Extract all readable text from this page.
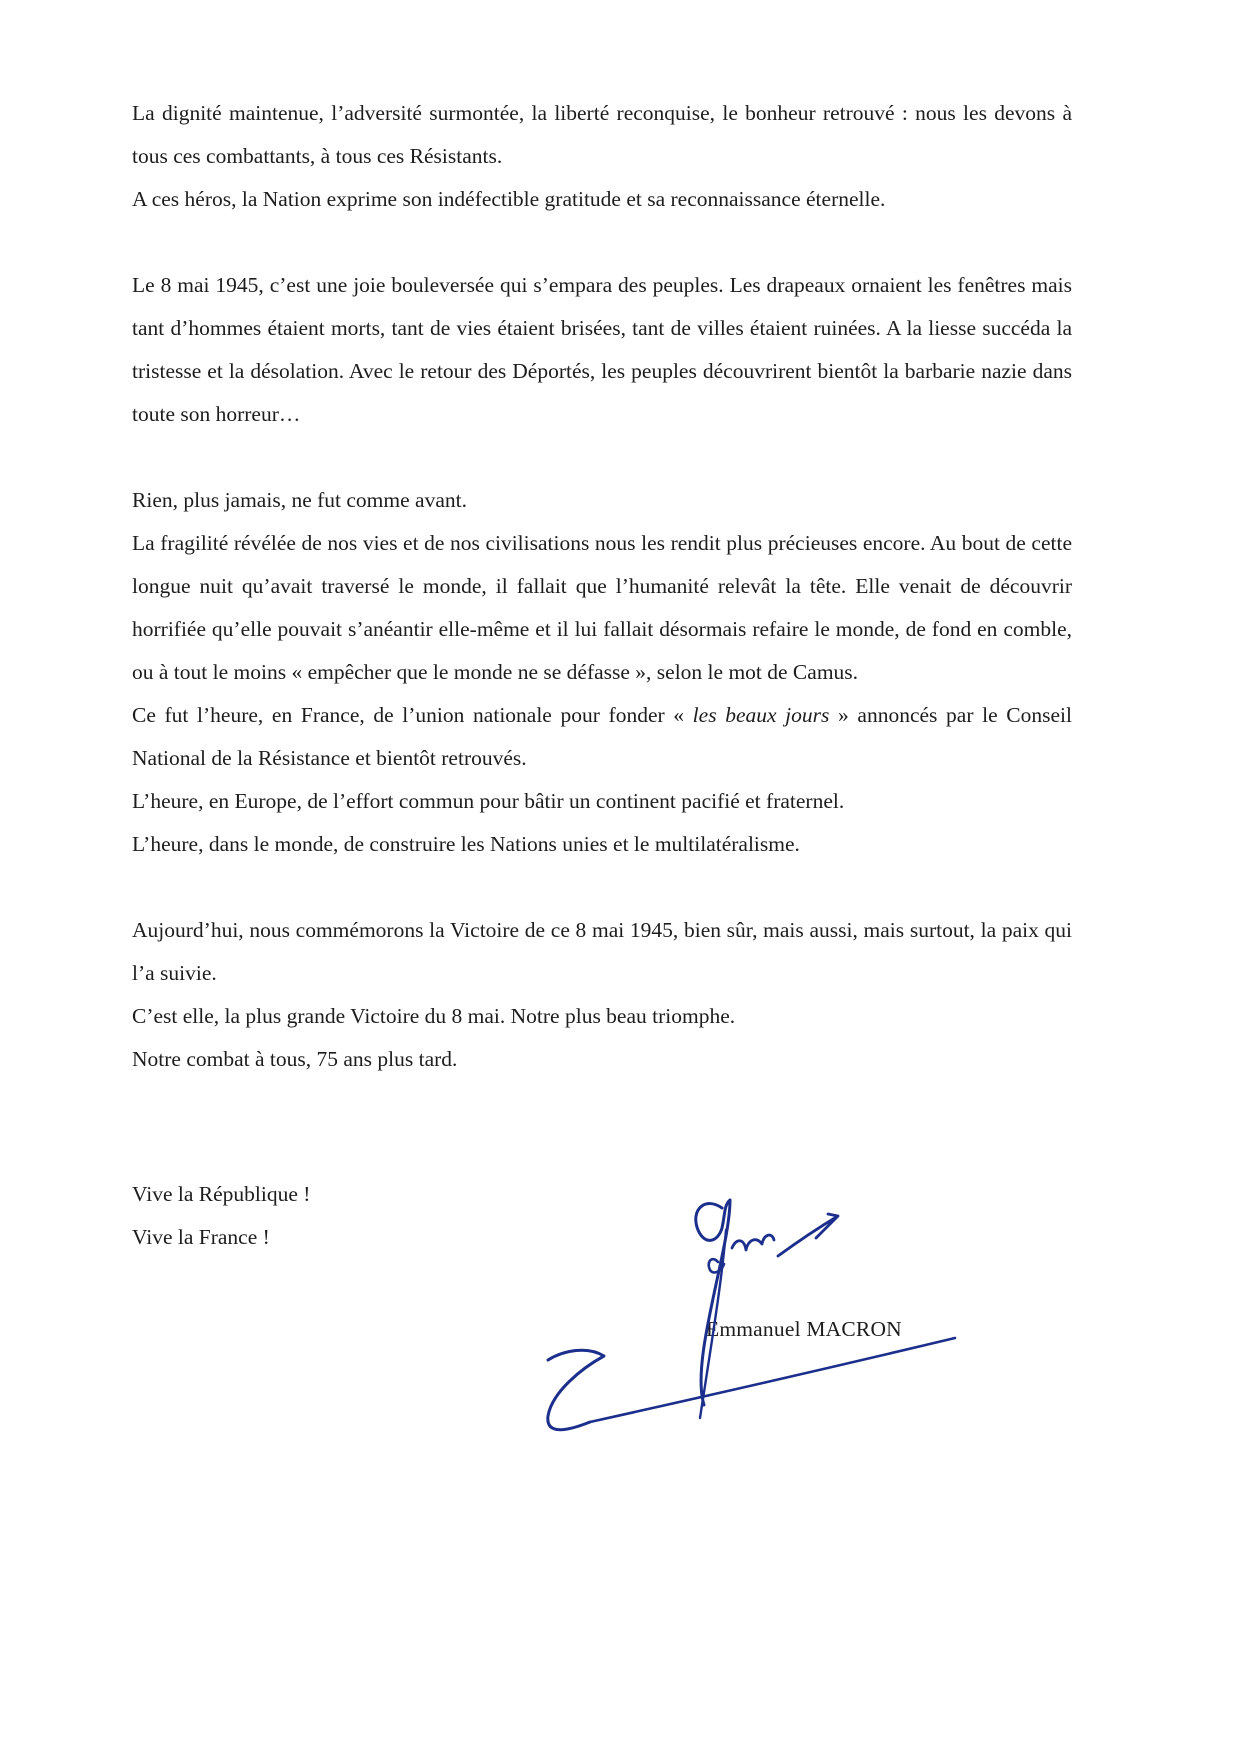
La dignité maintenue, l’adversité surmontée, la liberté reconquise, le bonheur retrouvé : nous les devons à tous ces combattants, à tous ces Résistants.

A ces héros, la Nation exprime son indéfectible gratitude et sa reconnaissance éternelle.

Le 8 mai 1945, c’est une joie bouleversée qui s’empara des peuples. Les drapeaux ornaient les fenêtres mais tant d’hommes étaient morts, tant de vies étaient brisées, tant de villes étaient ruinées. A la liesse succéda la tristesse et la désolation. Avec le retour des Déportés, les peuples découvrirent bientôt la barbarie nazie dans toute son horreur…

Rien, plus jamais, ne fut comme avant.

La fragilité révélée de nos vies et de nos civilisations nous les rendit plus précieuses encore. Au bout de cette longue nuit qu’avait traversé le monde, il fallait que l’humanité relevât la tête. Elle venait de découvrir horrifiée qu’elle pouvait s’anéantir elle-même et il lui fallait désormais refaire le monde, de fond en comble, ou à tout le moins « empêcher que le monde ne se défasse », selon le mot de Camus.

Ce fut l’heure, en France, de l’union nationale pour fonder « les beaux jours » annoncés par le Conseil National de la Résistance et bientôt retrouvés.

L’heure, en Europe, de l’effort commun pour bâtir un continent pacifié et fraternel.

L’heure, dans le monde, de construire les Nations unies et le multilatéralisme.

Aujourd’hui, nous commémorons la Victoire de ce 8 mai 1945, bien sûr, mais aussi, mais surtout, la paix qui l’a suivie.

C’est elle, la plus grande Victoire du 8 mai. Notre plus beau triomphe.

Notre combat à tous, 75 ans plus tard.

Vive la République !

Vive la France !

Emmanuel MACRON
